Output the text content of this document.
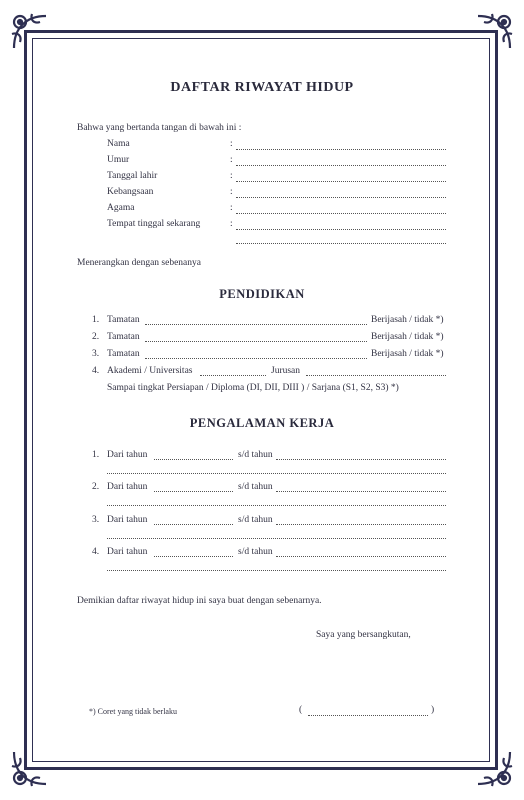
DAFTAR RIWAYAT HIDUP
Bahwa yang bertanda tangan di bawah ini :
Nama	:
Umur	:
Tanggal lahir	:
Kebangsaan	:
Agama	:
Tempat tinggal sekarang	:
Menerangkan dengan sebenanya
PENDIDIKAN
1. Tamatan	Berijasah / tidak *)
2. Tamatan	Berijasah / tidak *)
3. Tamatan	Berijasah / tidak *)
4. Akademi / Universitas	Jurusan
Sampai tingkat Persiapan / Diploma (DI, DII, DIII ) / Sarjana (S1, S2, S3) *)
PENGALAMAN KERJA
1. Dari tahun	s/d tahun
2. Dari tahun	s/d tahun
3. Dari tahun	s/d tahun
4. Dari tahun	s/d tahun
Demikian daftar riwayat hidup ini saya buat dengan sebenarnya.
Saya yang bersangkutan,
*) Coret yang tidak berlaku	(	)
